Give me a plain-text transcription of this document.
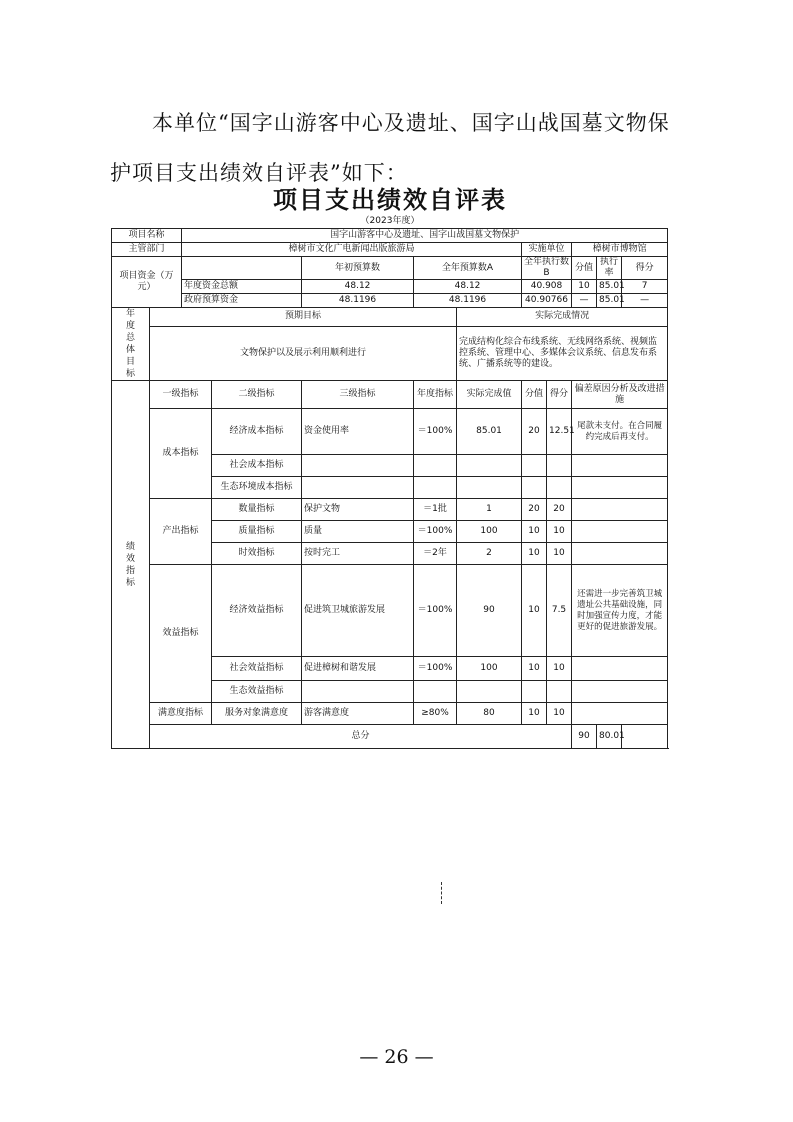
本单位“国字山游客中心及遗址、国字山战国墓文物保
护项目支出绩效自评表”如下：
项目支出绩效自评表
（2023年度）
项目名称		国字山游客中心及遗址、国字山战国墓文物保护									
主管部门		樟树市文化广电新闻出版旅游局					实施单位		樟树市博物馆		
项目资金（万元）				年初预算数	全年预算数A		全年执行数B		分值	执行率	得分
		年度资金总额		48.12	48.12		40.908		10	85.01	7
		政府预算资金		48.1196	48.1196		40.90766		—	85.01	—
年度总体目标	预期目标					实际完成情况					
	文物保护以及展示利用顺利进行					完成结构化综合布线系统、无线网络系统、视频监控系统、管理中心、多媒体会议系统、信息发布系统、广播系统等的建设。					
绩效指标	一级指标		二级指标	三级指标	年度指标	实际完成值	分值	得分	偏差原因分析及改进措施		
	成本指标		经济成本指标	资金使用率	＝100%	85.01	20	12.51	尾款未支付。在合同履约完成后再支付。		
			社会成本指标								
			生态环境成本指标								
	产出指标		数量指标	保护文物	＝1批	1	20	20			
			质量指标	质量	＝100%	100	10	10			
			时效指标	按时完工	＝2年	2	10	10			
	效益指标		经济效益指标	促进筑卫城旅游发展	＝100%	90	10	7.5	还需进一步完善筑卫城遗址公共基础设施，同时加强宣传力度，才能更好的促进旅游发展。		
			社会效益指标	促进樟树和谐发展	＝100%	100	10	10			
			生态效益指标								
	满意度指标		服务对象满意度	游客满意度	≥80%	80	10	10			
	总分								90	80.01	
— 26 —
